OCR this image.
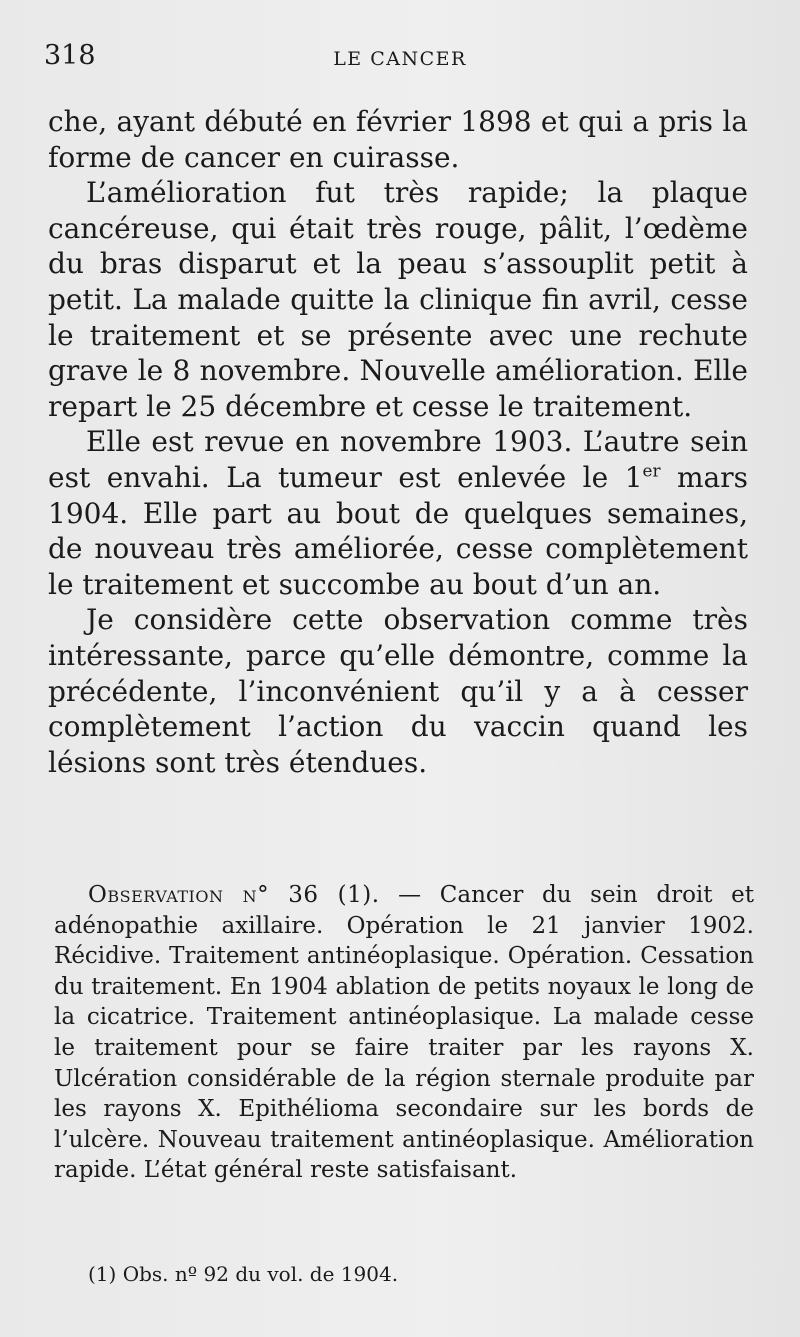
318	LE CANCER

che, ayant débuté en février 1898 et qui a pris la forme de cancer en cuirasse.

L’amélioration fut très rapide; la plaque cancéreuse, qui était très rouge, pâlit, l’œdème du bras disparut et la peau s’assouplit petit à petit. La malade quitte la clinique fin avril, cesse le traitement et se présente avec une rechute grave le 8 novembre. Nouvelle amélioration. Elle repart le 25 décembre et cesse le traitement.

Elle est revue en novembre 1903. L’autre sein est envahi. La tumeur est enlevée le 1er mars 1904. Elle part au bout de quelques semaines, de nouveau très améliorée, cesse complètement le traitement et succombe au bout d’un an.

Je considère cette observation comme très intéressante, parce qu’elle démontre, comme la précédente, l’inconvénient qu’il y a à cesser complètement l’action du vaccin quand les lésions sont très étendues.

Observation n° 36 (1). — Cancer du sein droit et adénopathie axillaire. Opération le 21 janvier 1902. Récidive. Traitement antinéoplasique. Opération. Cessation du traitement. En 1904 ablation de petits noyaux le long de la cicatrice. Traitement antinéoplasique. La malade cesse le traitement pour se faire traiter par les rayons X. Ulcération considérable de la région sternale produite par les rayons X. Epithélioma secondaire sur les bords de l’ulcère. Nouveau traitement antinéoplasique. Amélioration rapide. L’état général reste satisfaisant.

(1) Obs. nº 92 du vol. de 1904.
